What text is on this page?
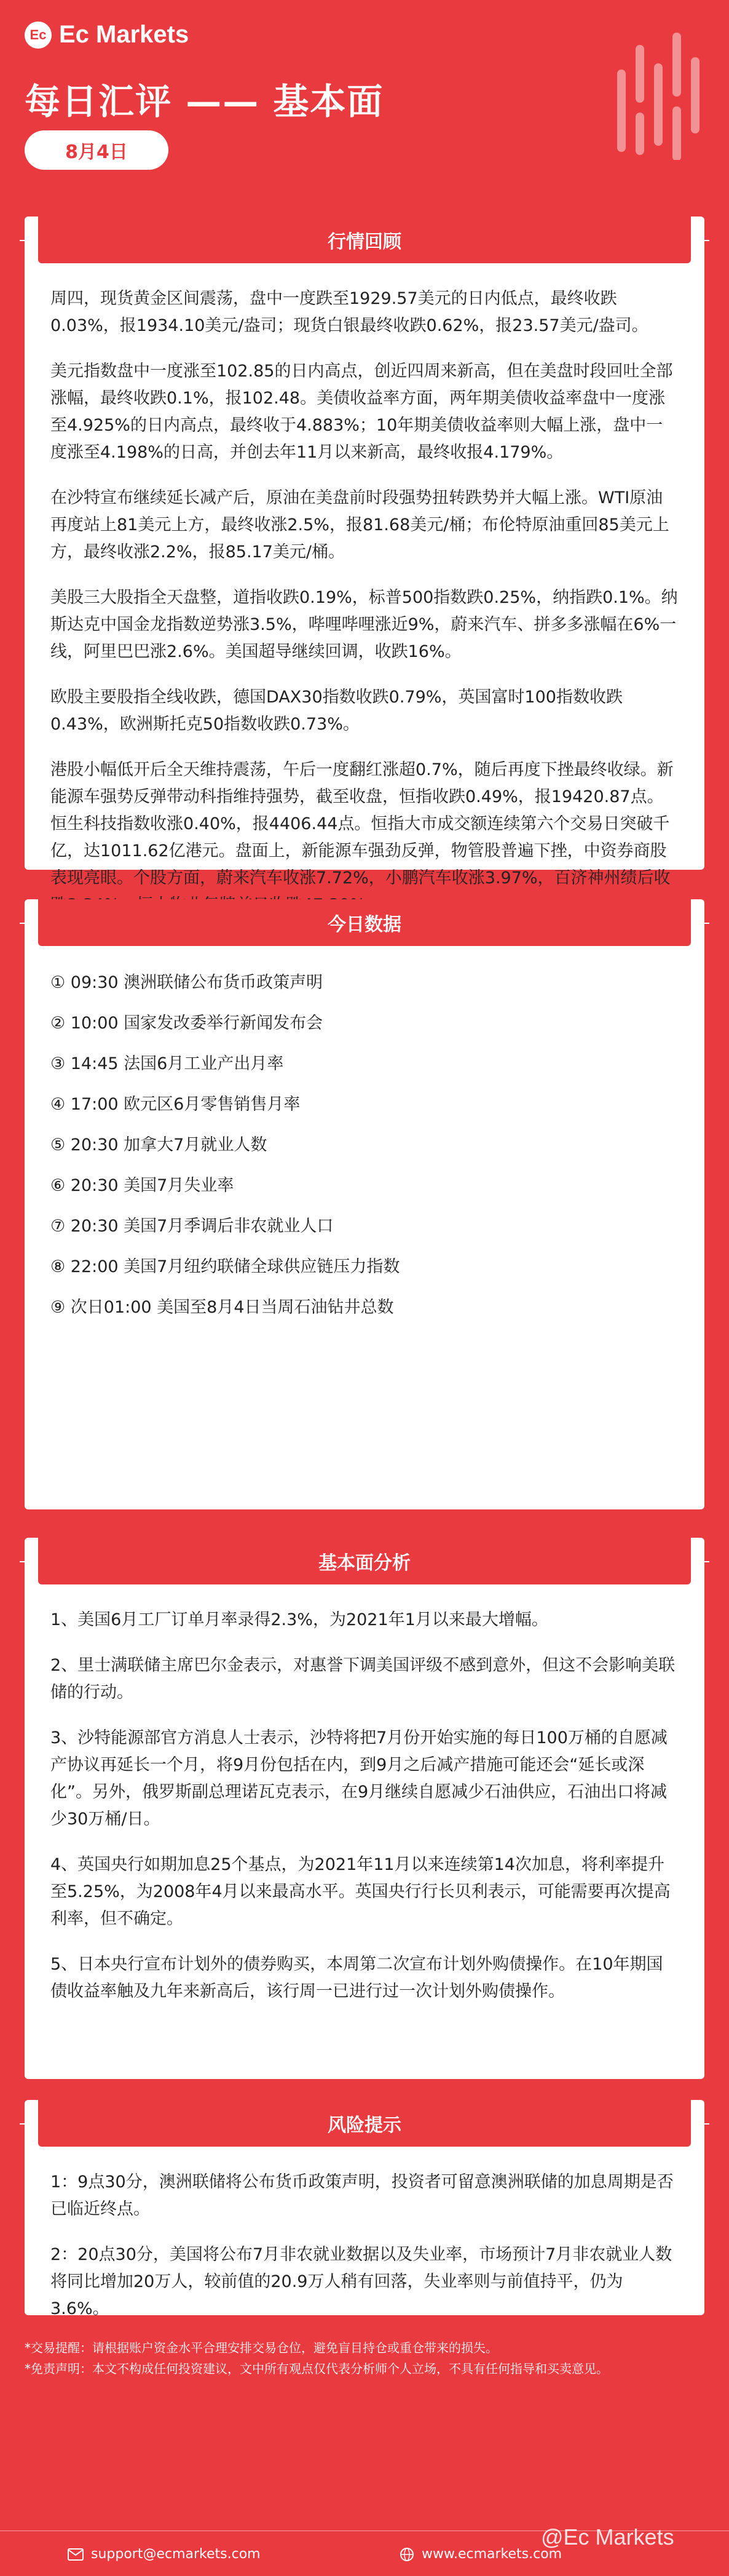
Ec Ec Markets
每日汇评 —— 基本面
8月4日
行情回顾

周四，现货黄金区间震荡，盘中一度跌至1929.57美元的日内低点，最终收跌0.03%，报1934.10美元/盎司；现货白银最终收跌0.62%，报23.57美元/盎司。

美元指数盘中一度涨至102.85的日内高点，创近四周来新高，但在美盘时段回吐全部涨幅，最终收跌0.1%，报102.48。美债收益率方面，两年期美债收益率盘中一度涨至4.925%的日内高点，最终收于4.883%；10年期美债收益率则大幅上涨，盘中一度涨至4.198%的日高，并创去年11月以来新高，最终收报4.179%。

在沙特宣布继续延长减产后，原油在美盘前时段强势扭转跌势并大幅上涨。WTI原油再度站上81美元上方，最终收涨2.5%，报81.68美元/桶；布伦特原油重回85美元上方，最终收涨2.2%，报85.17美元/桶。

美股三大股指全天盘整，道指收跌0.19%，标普500指数跌0.25%，纳指跌0.1%。纳斯达克中国金龙指数逆势涨3.5%，哔哩哔哩涨近9%，蔚来汽车、拼多多涨幅在6%一线，阿里巴巴涨2.6%。美国超导继续回调，收跌16%。

欧股主要股指全线收跌，德国DAX30指数收跌0.79%，英国富时100指数收跌0.43%，欧洲斯托克50指数收跌0.73%。

港股小幅低开后全天维持震荡，午后一度翻红涨超0.7%，随后再度下挫最终收绿。新能源车强势反弹带动科指维持强势，截至收盘，恒指收跌0.49%，报19420.87点。恒生科技指数收涨0.40%，报4406.44点。恒指大市成交额连续第六个交易日突破千亿，达1011.62亿港元。盘面上，新能源车强劲反弹，物管股普遍下挫，中资券商股表现亮眼。个股方面，蔚来汽车收涨7.72%，小鹏汽车收涨3.97%，百济神州绩后收

今日数据

① 09:30 澳洲联储公布货币政策声明

② 10:00 国家发改委举行新闻发布会

③ 14:45 法国6月工业产出月率

④ 17:00 欧元区6月零售销售月率

⑤ 20:30 加拿大7月就业人数

⑥ 20:30 美国7月失业率

⑦ 20:30 美国7月季调后非农就业人口

⑧ 22:00 美国7月纽约联储全球供应链压力指数

⑨ 次日01:00 美国至8月4日当周石油钻井总数

基本面分析

1、美国6月工厂订单月率录得2.3%，为2021年1月以来最大增幅。

2、里士满联储主席巴尔金表示，对惠誉下调美国评级不感到意外，但这不会影响美联储的行动。

3、沙特能源部官方消息人士表示，沙特将把7月份开始实施的每日100万桶的自愿减产协议再延长一个月，将9月份包括在内，到9月之后减产措施可能还会“延长或深化”。另外，俄罗斯副总理诺瓦克表示，在9月继续自愿减少石油供应，石油出口将减少30万桶/日。

4、英国央行如期加息25个基点，为2021年11月以来连续第14次加息，将利率提升至5.25%，为2008年4月以来最高水平。英国央行行长贝利表示，可能需要再次提高利率，但不确定。

5、日本央行宣布计划外的债券购买，本周第二次宣布计划外购债操作。在10年期国债收益率触及九年来新高后，该行周一已进行过一次计划外购债操作。

风险提示

1：9点30分，澳洲联储将公布货币政策声明，投资者可留意澳洲联储的加息周期是否已临近终点。

2：20点30分，美国将公布7月非农就业数据以及失业率，市场预计7月非农就业人数将同比增加20万人，较前值的20.9万人稍有回落，失业率则与前值持平，仍为3.6%。

*交易提醒：请根据账户资金水平合理安排交易仓位，避免盲目持仓或重仓带来的损失。
*免责声明：本文不构成任何投资建议，文中所有观点仅代表分析师个人立场，不具有任何指导和买卖意见。
support@ecmarkets.com	www.ecmarkets.com
@Ec Markets
